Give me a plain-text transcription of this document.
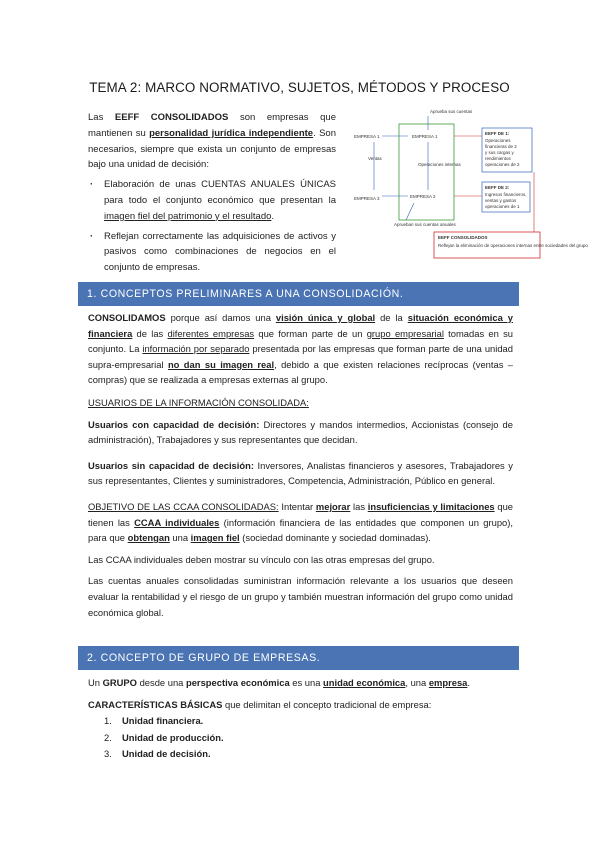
TEMA 2: MARCO NORMATIVO, SUJETOS, MÉTODOS Y PROCESO

Las EEFF CONSOLIDADOS son empresas que mantienen su personalidad jurídica independiente. Son necesarios, siempre que exista un conjunto de empresas bajo una unidad de decisión:

· Elaboración de unas CUENTAS ANUALES ÚNICAS para todo el conjunto económico que presentan la imagen fiel del patrimonio y el resultado.
· Reflejan correctamente las adquisiciones de activos y pasivos como combinaciones de negocios en el conjunto de empresas.
Aprueba sus cuentas
EMPRESA 1	EMPRESA 1
Ventas
Operaciones internas
EMPRESA 3	EMPRESA 2
Aprueban sus cuentas anuales
EEFF DE 1:
Operaciones
financieras de 2
y sus cargas y
rendimientos
operaciones de 2
EEFF DE 2:
Ingresos financieros,
ventas y gastos
operaciones de 1
EEFF CONSOLIDADOS
Reflejan la eliminación de operaciones internas entre sociedades del grupo
1. CONCEPTOS PRELIMINARES A UNA CONSOLIDACIÓN.

CONSOLIDAMOS porque así damos una visión única y global de la situación económica y financiera de las diferentes empresas que forman parte de un grupo empresarial tomadas en su conjunto. La información por separado presentada por las empresas que forman parte de una unidad supra-empresarial no dan su imagen real, debido a que existen relaciones recíprocas (ventas – compras) que se realizada a empresas externas al grupo.

USUARIOS DE LA INFORMACIÓN CONSOLIDADA:

Usuarios con capacidad de decisión: Directores y mandos intermedios, Accionistas (consejo de administración), Trabajadores y sus representantes que decidan.

Usuarios sin capacidad de decisión: Inversores, Analistas financieros y asesores, Trabajadores y sus representantes, Clientes y suministradores, Competencia, Administración, Público en general.

OBJETIVO DE LAS CCAA CONSOLIDADAS: Intentar mejorar las insuficiencias y limitaciones que tienen las CCAA individuales (información financiera de las entidades que componen un grupo), para que obtengan una imagen fiel (sociedad dominante y sociedad dominadas).

Las CCAA individuales deben mostrar su vínculo con las otras empresas del grupo.

Las cuentas anuales consolidadas suministran información relevante a los usuarios que deseen evaluar la rentabilidad y el riesgo de un grupo y también muestran información del grupo como unidad económica global.

2. CONCEPTO DE GRUPO DE EMPRESAS.

Un GRUPO desde una perspectiva económica es una unidad económica, una empresa.

CARACTERÍSTICAS BÁSICAS que delimitan el concepto tradicional de empresa:

1. Unidad financiera.
2. Unidad de producción.
3. Unidad de decisión.
